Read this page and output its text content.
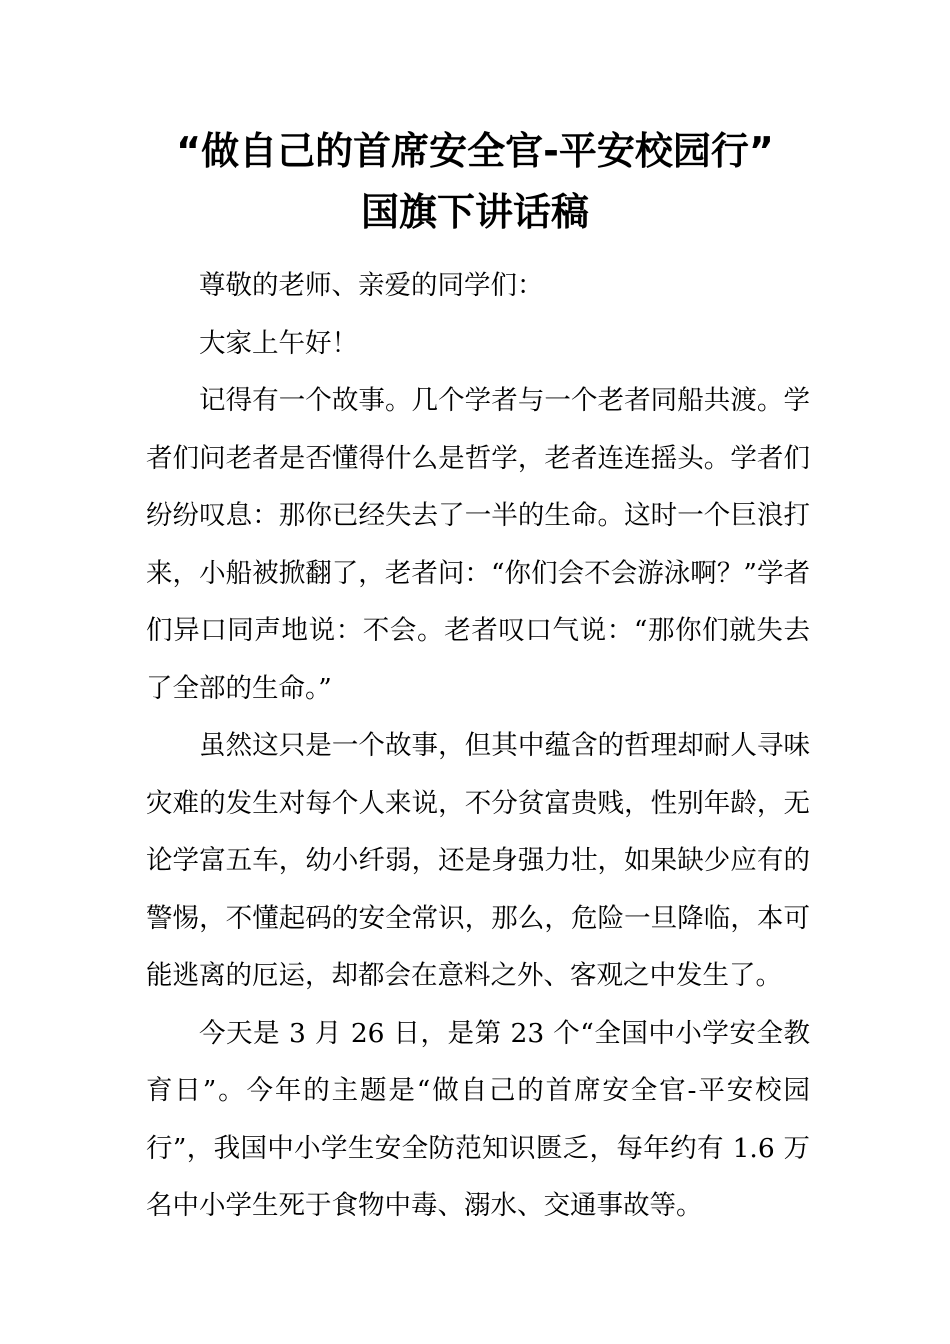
“做自己的首席安全官-平安校园行”
国旗下讲话稿

尊敬的老师、亲爱的同学们：

大家上午好！

记得有一个故事。几个学者与一个老者同船共渡。学者们问老者是否懂得什么是哲学，老者连连摇头。学者们纷纷叹息：那你已经失去了一半的生命。这时一个巨浪打来，小船被掀翻了，老者问：“你们会不会游泳啊？”学者们异口同声地说：不会。老者叹口气说：“那你们就失去了全部的生命。”

虽然这只是一个故事，但其中蕴含的哲理却耐人寻味灾难的发生对每个人来说，不分贫富贵贱，性别年龄，无论学富五车，幼小纤弱，还是身强力壮，如果缺少应有的警惕，不懂起码的安全常识，那么，危险一旦降临，本可能逃离的厄运，却都会在意料之外、客观之中发生了。

今天是 3 月 26 日，是第 23 个“全国中小学安全教育日”。今年的主题是“做自己的首席安全官-平安校园行”，我国中小学生安全防范知识匮乏，每年约有 1.6 万名中小学生死于食物中毒、溺水、交通事故等。
